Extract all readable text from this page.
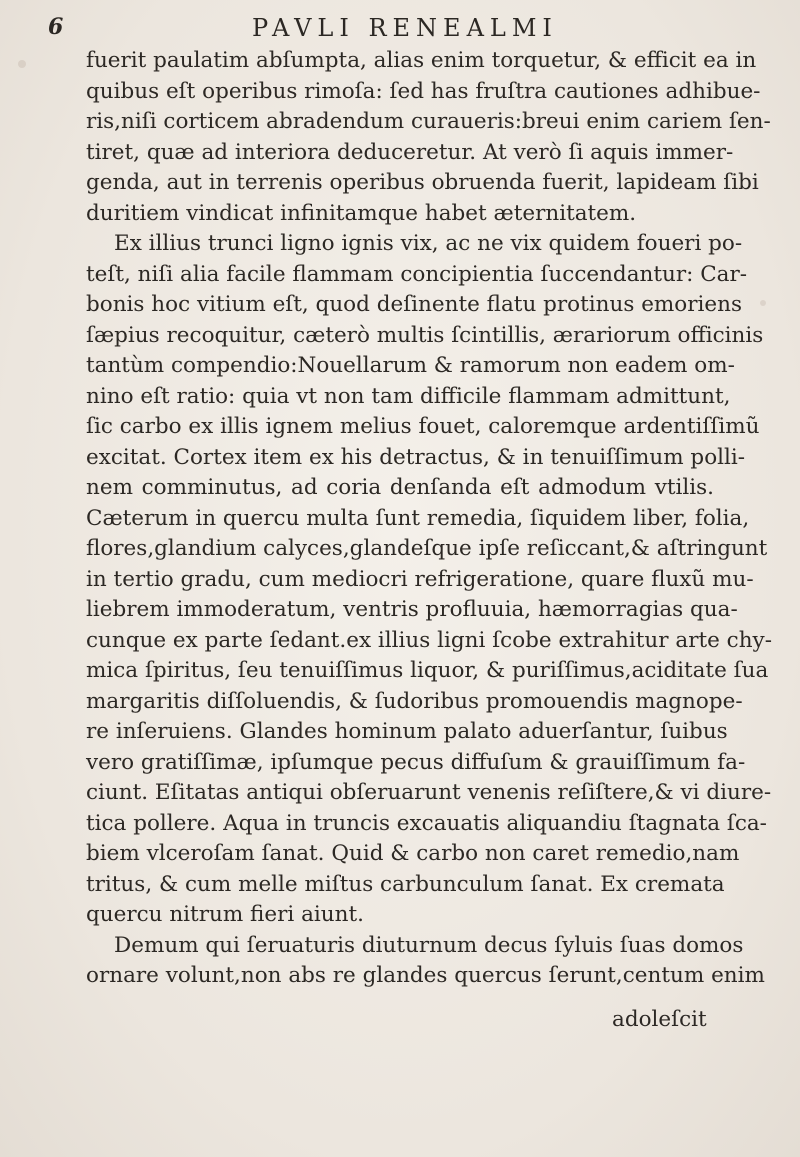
6	PAVLI RENEALMI
fuerit paulatim abſumpta, alias enim torquetur, & efficit ea in
quibus eſt operibus rimoſa: ſed has fruſtra cautiones adhibue-
ris,niſi corticem abradendum curaueris:breui enim cariem ſen-
tiret, quæ ad interiora deduceretur. At verò ſi aquis immer-
genda, aut in terrenis operibus obruenda fuerit, lapideam ſibi
duritiem vindicat infinitamque habet æternitatem.
Ex illius trunci ligno ignis vix, ac ne vix quidem foueri po-
teſt, niſi alia facile flammam concipientia ſuccendantur: Car-
bonis hoc vitium eſt, quod deſinente flatu protinus emoriens
ſæpius recoquitur, cæterò multis ſcintillis, ærariorum officinis
tantùm compendio:Nouellarum & ramorum non eadem om-
nino eſt ratio: quia vt non tam difficile flammam admittunt,
ſic carbo ex illis ignem melius fouet, caloremque ardentiſſimũ
excitat. Cortex item ex his detractus, & in tenuiſſimum polli-
nem comminutus, ad coria denſanda eſt admodum vtilis.
Cæterum in quercu multa ſunt remedia, ſiquidem liber, folia,
flores,glandium calyces,glandeſque ipſe reſiccant,& aſtringunt
in tertio gradu, cum mediocri refrigeratione, quare fluxũ mu-
liebrem immoderatum, ventris profluuia, hæmorragias qua-
cunque ex parte ſedant.ex illius ligni ſcobe extrahitur arte chy-
mica ſpiritus, ſeu tenuiſſimus liquor, & puriſſimus,aciditate ſua
margaritis diſſoluendis, & ſudoribus promouendis magnope-
re inſeruiens. Glandes hominum palato aduerſantur, ſuibus
vero gratiſſimæ, ipſumque pecus diffuſum & grauiſſimum fa-
ciunt. Eſitatas antiqui obſeruarunt venenis reſiſtere,& vi diure-
tica pollere. Aqua in truncis excauatis aliquandiu ſtagnata ſca-
biem vlceroſam ſanat. Quid & carbo non caret remedio,nam
tritus, & cum melle miſtus carbunculum ſanat. Ex cremata
quercu nitrum fieri aiunt.
Demum qui ſeruaturis diuturnum decus ſyluis ſuas domos
ornare volunt,non abs re glandes quercus ſerunt,centum enim
adoleſcit
